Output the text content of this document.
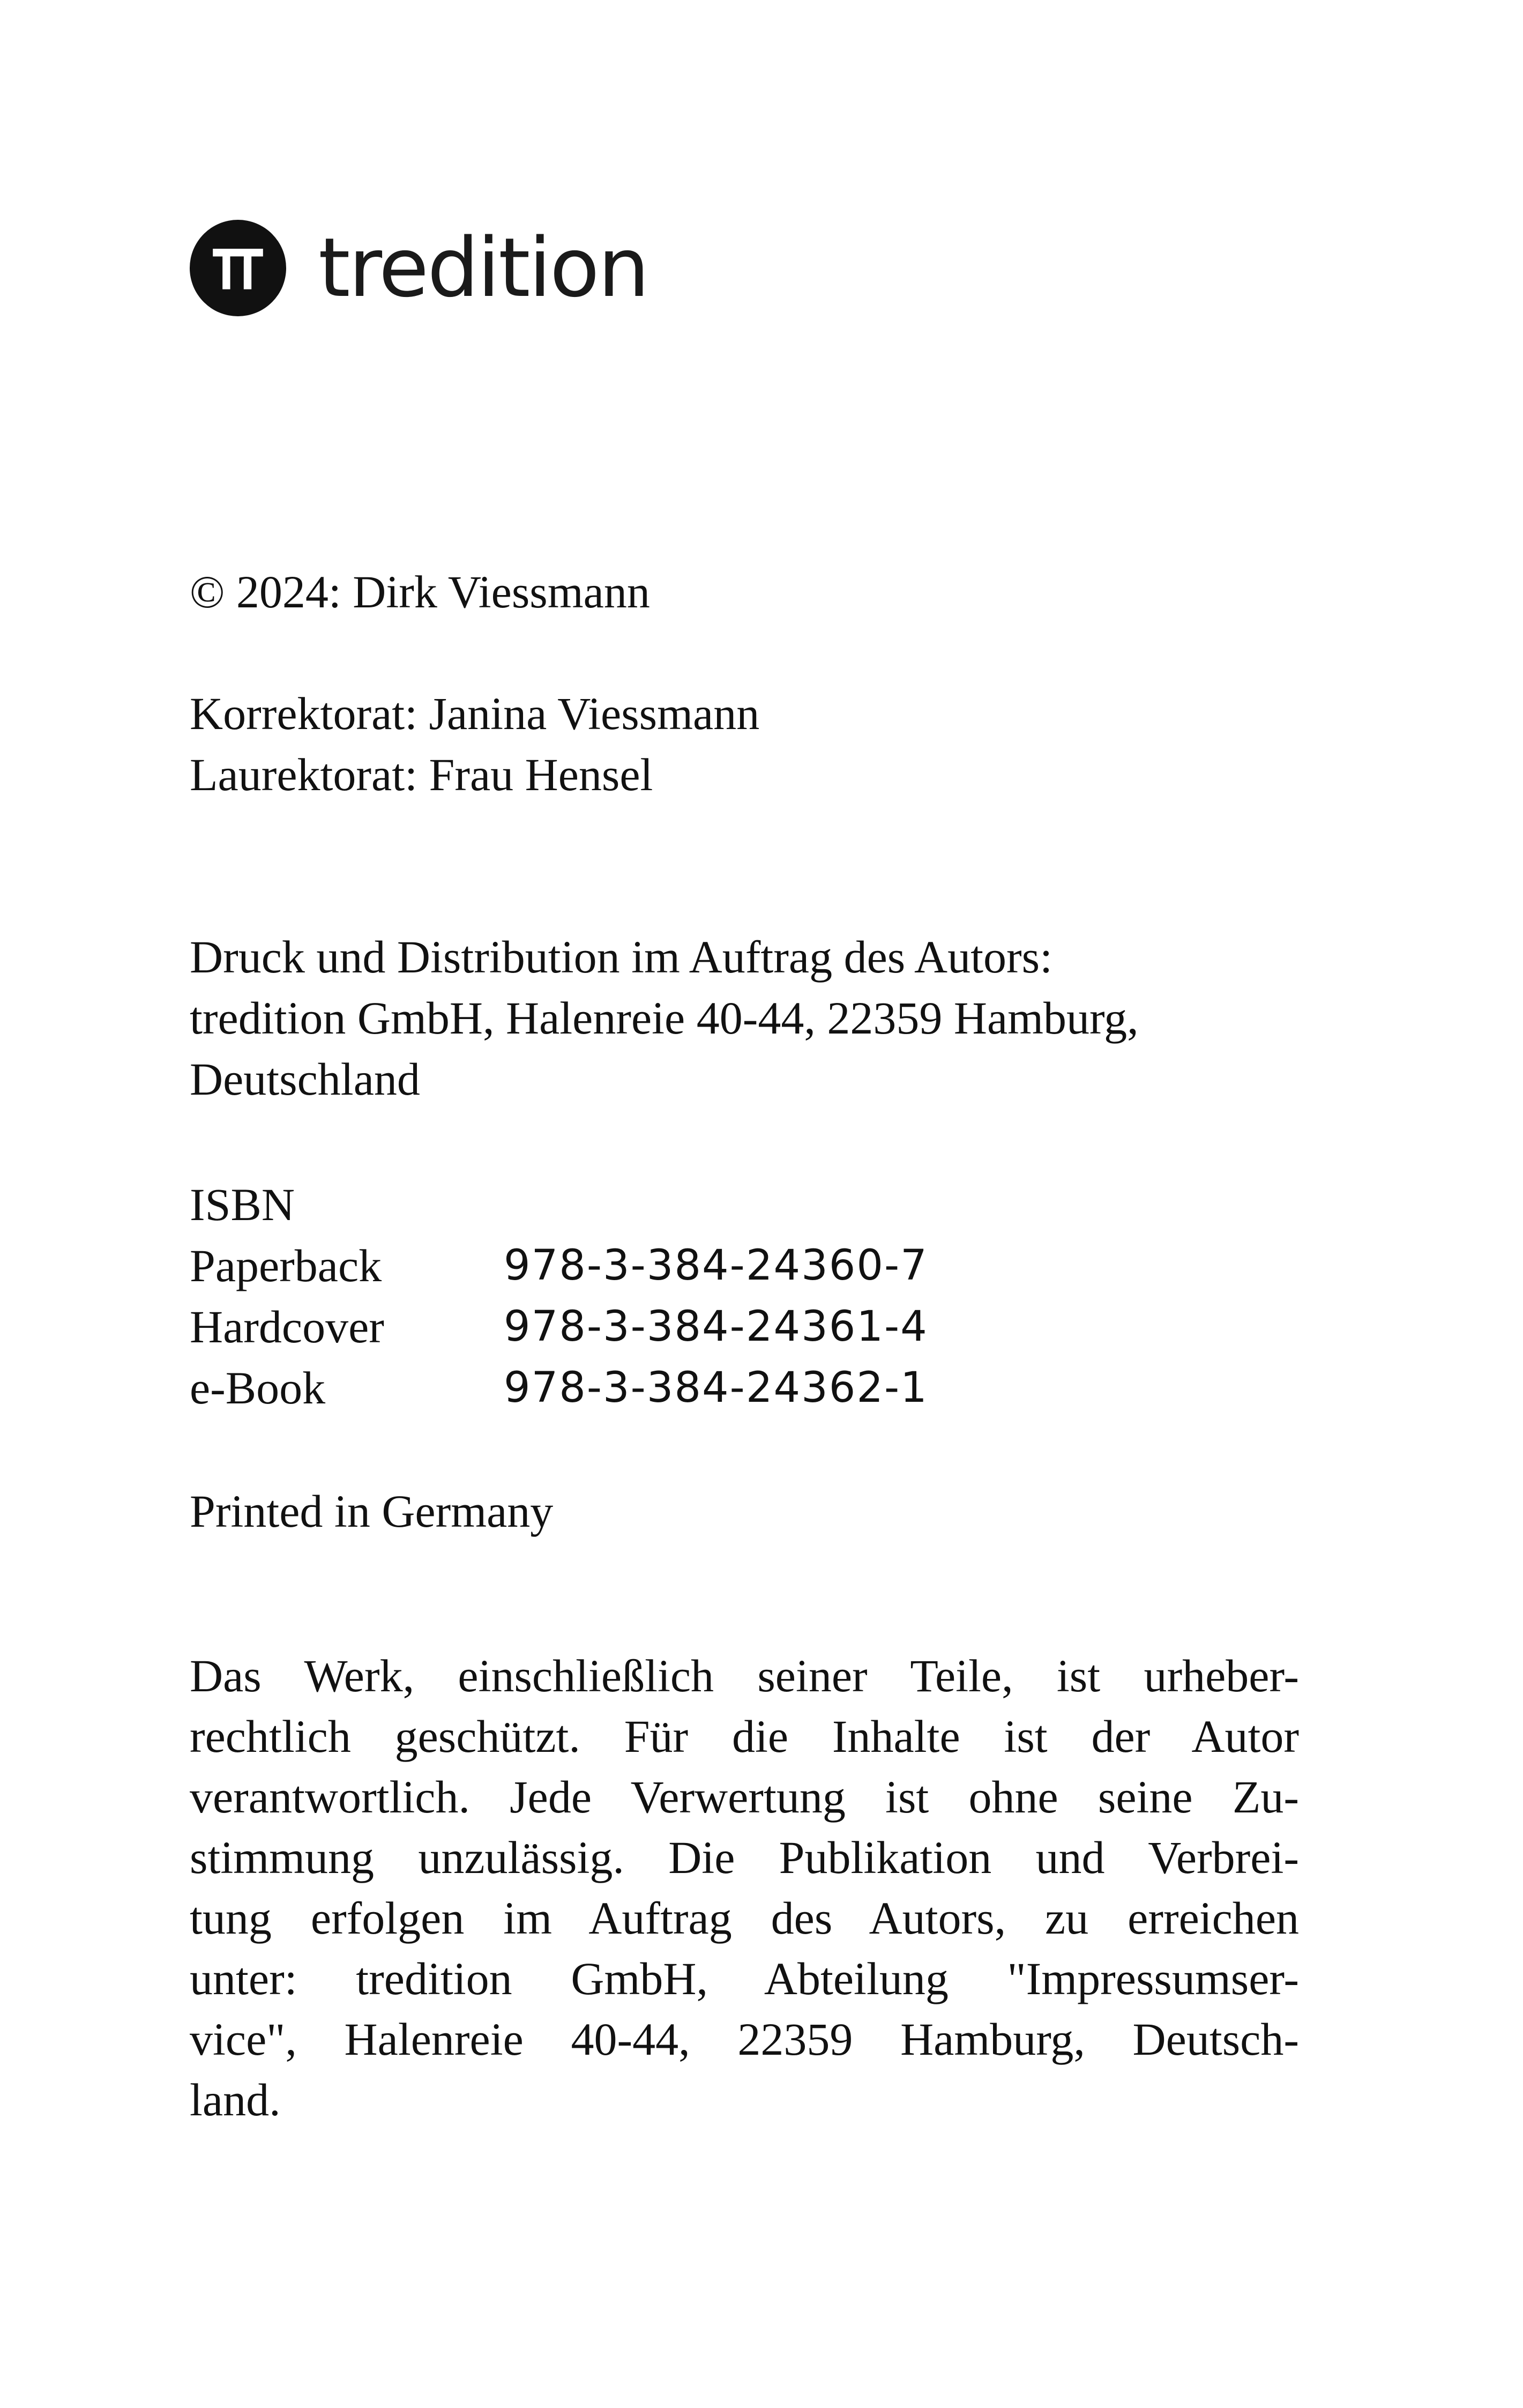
tredition
© 2024: Dirk Viessmann
Korrektorat: Janina Viessmann
Laurektorat: Frau Hensel
Druck und Distribution im Auftrag des Autors:
tredition GmbH, Halenreie 40-44, 22359 Hamburg,
Deutschland
ISBN
Paperback	978-3-384-24360-7
Hardcover	978-3-384-24361-4
e-Book	978-3-384-24362-1
Printed in Germany
Das Werk, einschließlich seiner Teile, ist urheber-
rechtlich geschützt. Für die Inhalte ist der Autor
verantwortlich. Jede Verwertung ist ohne seine Zu-
stimmung unzulässig. Die Publikation und Verbrei-
tung erfolgen im Auftrag des Autors, zu erreichen
unter: tredition GmbH, Abteilung "Impressumser-
vice", Halenreie 40-44, 22359 Hamburg, Deutsch-
land.
